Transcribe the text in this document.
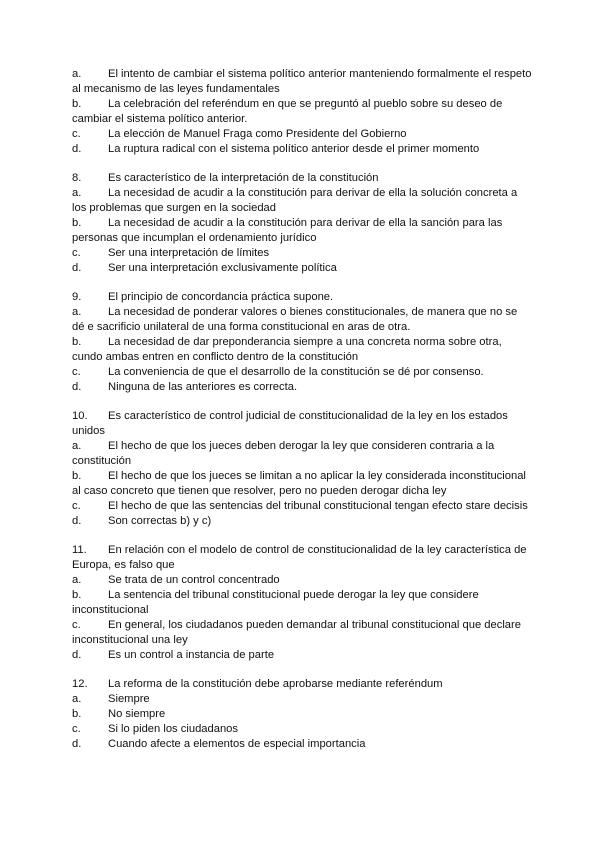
a.	El intento de cambiar el sistema político anterior manteniendo formalmente el respeto al mecanismo de las leyes fundamentales
b.	La celebración del referéndum en que se preguntó al pueblo sobre su deseo de cambiar el sistema político anterior.
c.	La elección de Manuel Fraga como Presidente del Gobierno
d.	La ruptura radical con el sistema político anterior desde el primer momento
8.	Es característico de la interpretación de la constitución
a.	La necesidad de acudir a la constitución para derivar de ella la solución concreta a los problemas que surgen en la sociedad
b.	La necesidad de acudir a la constitución para derivar de ella la sanción para las personas que incumplan el ordenamiento jurídico
c.	Ser una interpretación de límites
d.	Ser una interpretación exclusivamente política
9.	El principio de concordancia práctica supone.
a.	La necesidad de ponderar valores o bienes constitucionales, de manera que no se dé e sacrificio unilateral de una forma constitucional en aras de otra.
b.	La necesidad de dar preponderancia siempre a una concreta norma sobre otra, cundo ambas entren en conflicto dentro de la constitución
c.	La conveniencia de que el desarrollo de la constitución se dé por consenso.
d.	Ninguna de las anteriores es correcta.
10.	Es característico de control judicial de constitucionalidad de la ley en los estados unidos
a.	El hecho de que los jueces deben derogar la ley que consideren contraria a la constitución
b.	El hecho de que los jueces se limitan a no aplicar la ley considerada inconstitucional al caso concreto que tienen que resolver, pero no pueden derogar dicha ley
c.	El hecho de que las sentencias del tribunal constitucional tengan efecto stare decisis
d.	Son correctas b) y c)
11.	En relación con el modelo de control de constitucionalidad de la ley característica de Europa, es falso que
a.	Se trata de un control concentrado
b.	La sentencia del tribunal constitucional puede derogar la ley que considere inconstitucional
c.	En general, los ciudadanos pueden demandar al tribunal constitucional que declare inconstitucional una ley
d.	Es un control a instancia de parte
12.	La reforma de la constitución debe aprobarse mediante referéndum
a.	Siempre
b.	No siempre
c.	Si lo piden los ciudadanos
d.	Cuando afecte a elementos de especial importancia
